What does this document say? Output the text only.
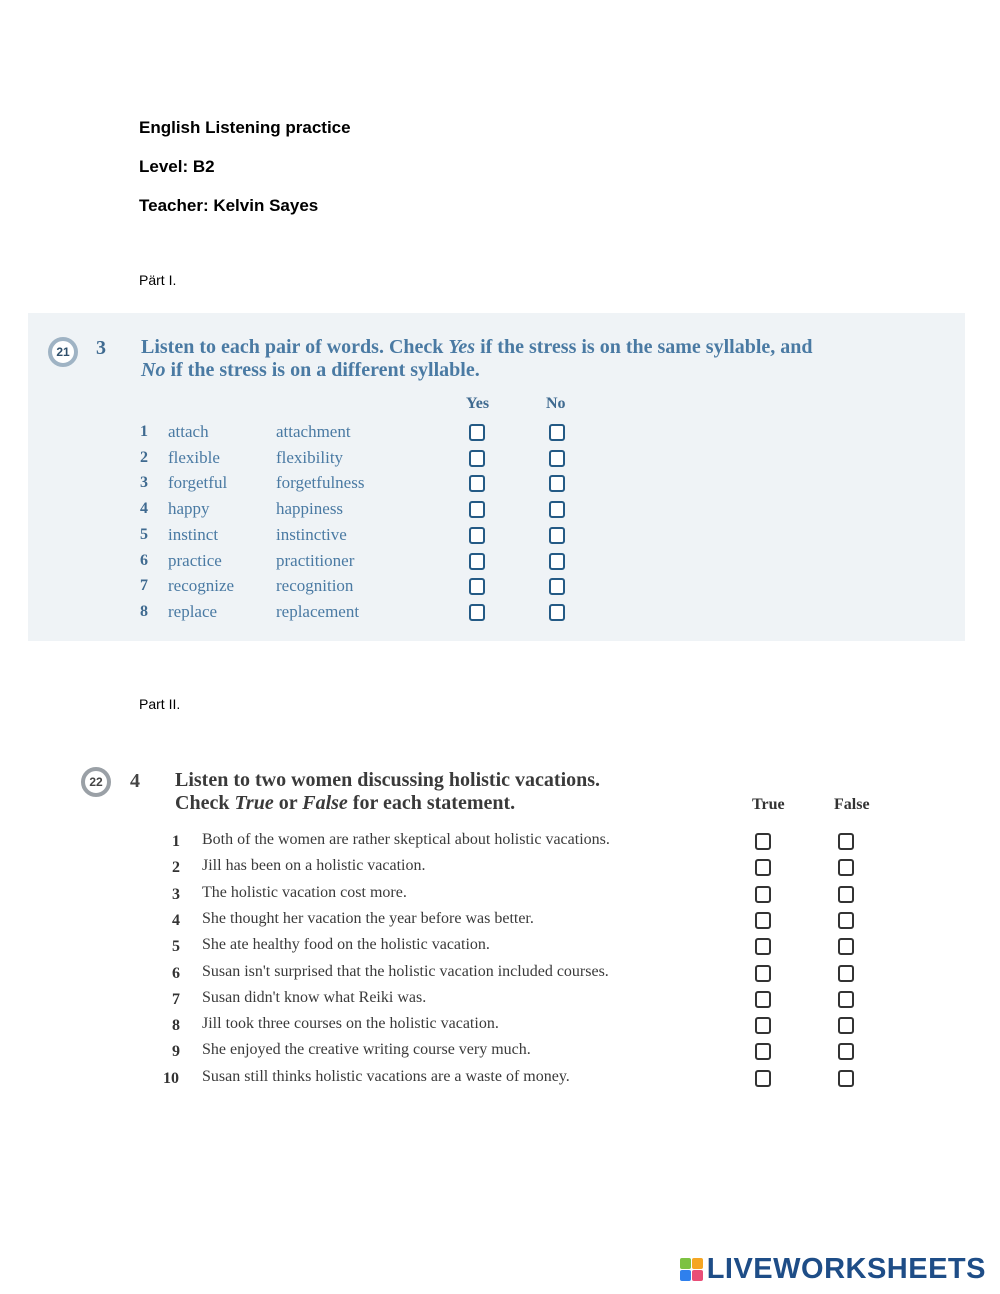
English Listening practice
Level: B2
Teacher: Kelvin Sayes
Pärt I.
21	3 Listen to each pair of words. Check Yes if the stress is on the same syllable, and
No if the stress is on a different syllable.
Yes	No
1 attach	attachment
2 flexible	flexibility
3 forgetful	forgetfulness
4 happy	happiness
5 instinct	instinctive
6 practice	practitioner
7 recognize recognition
8 replace	replacement
Part II.
22	4 Listen to two women discussing holistic vacations.
Check True or False for each statement.	True	False
1 Both of the women are rather skeptical about holistic vacations.
2 Jill has been on a holistic vacation.
3 The holistic vacation cost more.
4 She thought her vacation the year before was better.
5 She ate healthy food on the holistic vacation.
6 Susan isn't surprised that the holistic vacation included courses.
7 Susan didn't know what Reiki was.
8 Jill took three courses on the holistic vacation.
9 She enjoyed the creative writing course very much.
10 Susan still thinks holistic vacations are a waste of money.
LIVEWORKSHEETS
